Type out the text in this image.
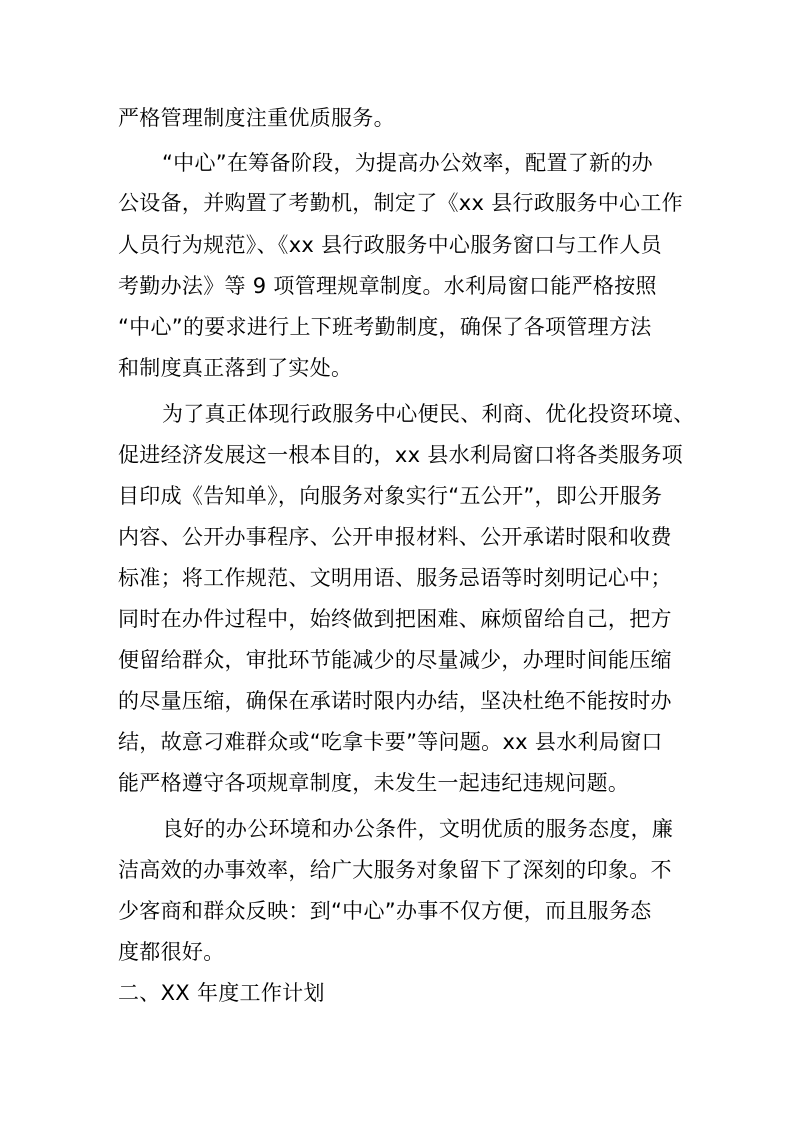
严格管理制度注重优质服务。
“中心”在筹备阶段，为提高办公效率，配置了新的办
公设备，并购置了考勤机，制定了《xx 县行政服务中心工作
人员行为规范》、《xx 县行政服务中心服务窗口与工作人员
考勤办法》等 9 项管理规章制度。水利局窗口能严格按照
“中心”的要求进行上下班考勤制度，确保了各项管理方法
和制度真正落到了实处。
为了真正体现行政服务中心便民、利商、优化投资环境、
促进经济发展这一根本目的，xx 县水利局窗口将各类服务项
目印成《告知单》，向服务对象实行“五公开”，即公开服务
内容、公开办事程序、公开申报材料、公开承诺时限和收费
标准；将工作规范、文明用语、服务忌语等时刻明记心中；
同时在办件过程中，始终做到把困难、麻烦留给自己，把方
便留给群众，审批环节能减少的尽量减少，办理时间能压缩
的尽量压缩，确保在承诺时限内办结，坚决杜绝不能按时办
结，故意刁难群众或“吃拿卡要”等问题。xx 县水利局窗口
能严格遵守各项规章制度，未发生一起违纪违规问题。
良好的办公环境和办公条件，文明优质的服务态度，廉
洁高效的办事效率，给广大服务对象留下了深刻的印象。不
少客商和群众反映：到“中心”办事不仅方便，而且服务态
度都很好。
二、XX 年度工作计划
